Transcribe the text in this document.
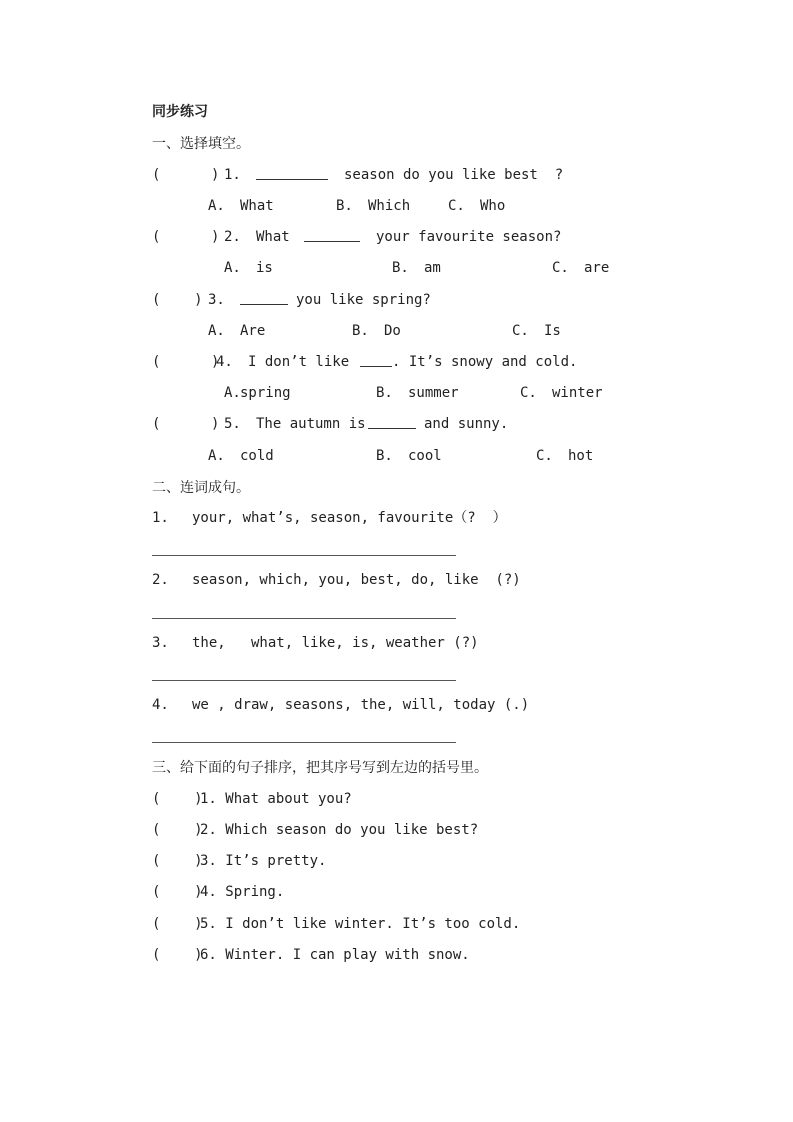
同步练习
一、选择填空。
(      ) 1.	season do you like best  ?
A. What	B. Which	C. Who
(      ) 2. What	your favourite season?
A. is	B. am	C. are
(    ) 3.	you like spring?
A. Are	B. Do	C. Is
(      )
4. I don’t like	. It’s snowy and cold.
A. spring	B. summer	C. winter
(      ) 5. The autumn is	and sunny.
A. cold	B. cool	C. hot
二、连词成句。
1. your, what’s, season, favourite（?  ）
2. season, which, you, best, do, like  (?)
3. the,   what, like, is, weather (?)
4. we , draw, seasons, the, will, today (.)
三、给下面的句子排序，把其序号写到左边的括号里。
(    )
1. What about you?
(    )
2. Which season do you like best?
(    )
3. It’s pretty.
(    )
4. Spring.
(    )
5. I don’t like winter. It’s too cold.
(    )
6. Winter. I can play with snow.
